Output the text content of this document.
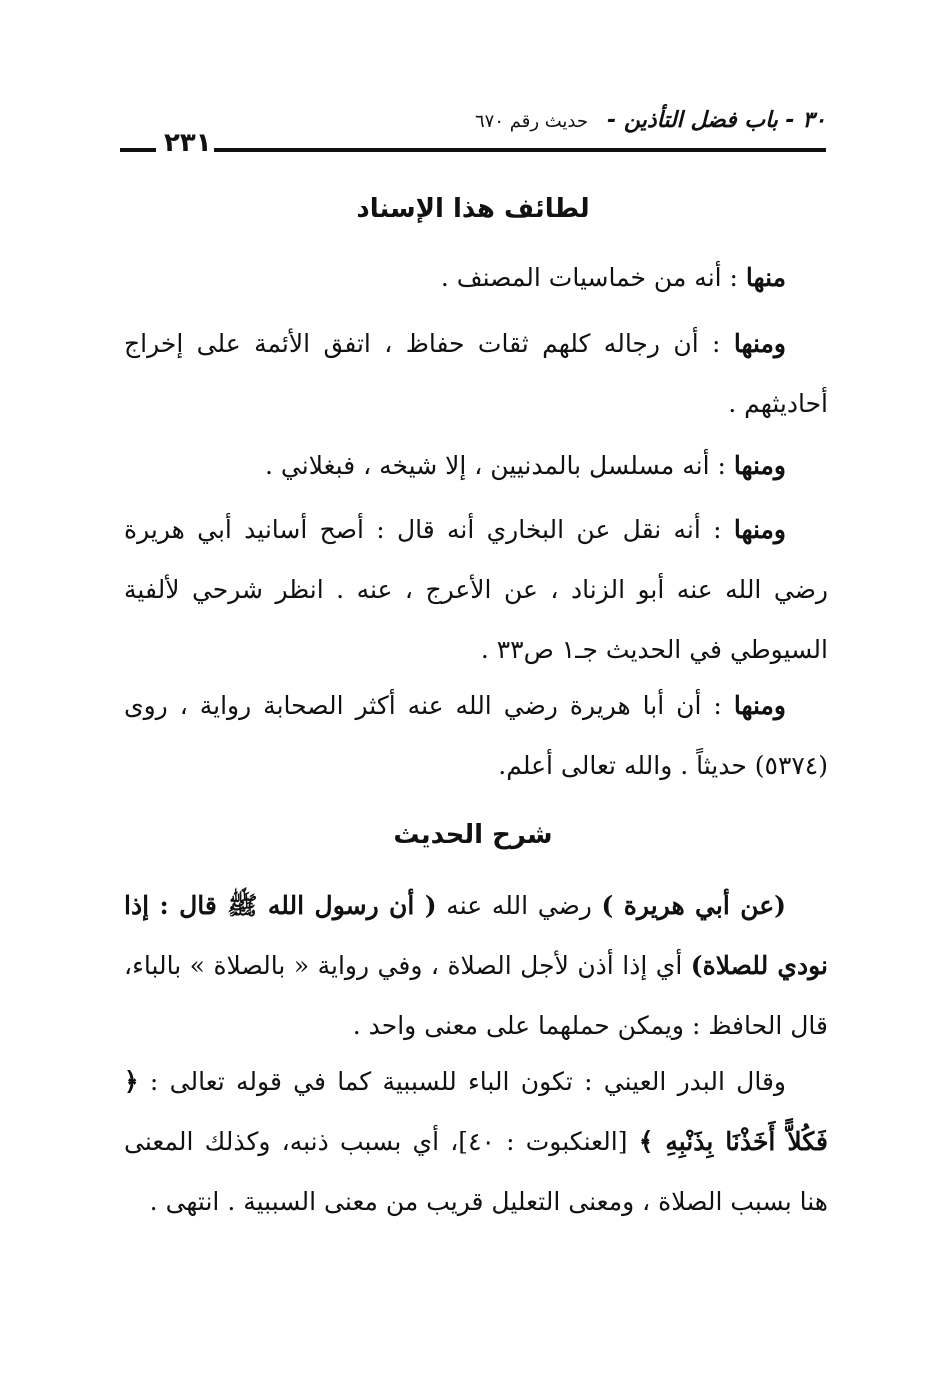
٣٠ - باب فضل التأذين -
حديث رقم ٦٧٠
٢٣١
لطائف هذا الإسناد
منها : أنه من خماسيات المصنف .
ومنها : أن رجاله كلهم ثقات حفاظ ، اتفق الأئمة على إخراج أحاديثهم .
ومنها : أنه مسلسل بالمدنيين ، إلا شيخه ، فبغلاني .
ومنها : أنه نقل عن البخاري أنه قال : أصح أسانيد أبي هريرة رضي الله عنه أبو الزناد ، عن الأعرج ، عنه . انظر شرحي لألفية السيوطي في الحديث جـ١ ص٣٣ .
ومنها : أن أبا هريرة رضي الله عنه أكثر الصحابة رواية ، روى (٥٣٧٤) حديثاً . والله تعالى أعلم.
شرح الحديث
(عن أبي هريرة ) رضي الله عنه ( أن رسول الله ﷺ قال : إذا نودي للصلاة) أي إذا أذن لأجل الصلاة ، وفي رواية « بالصلاة » بالباء، قال الحافظ : ويمكن حملهما على معنى واحد .
وقال البدر العيني : تكون الباء للسببية كما في قوله تعالى : ﴿ فَكُلاًّ أَخَذْنَا بِذَنْبِهِ ﴾ [العنكبوت : ٤٠]، أي بسبب ذنبه، وكذلك المعنى هنا بسبب الصلاة ، ومعنى التعليل قريب من معنى السببية . انتهى .
